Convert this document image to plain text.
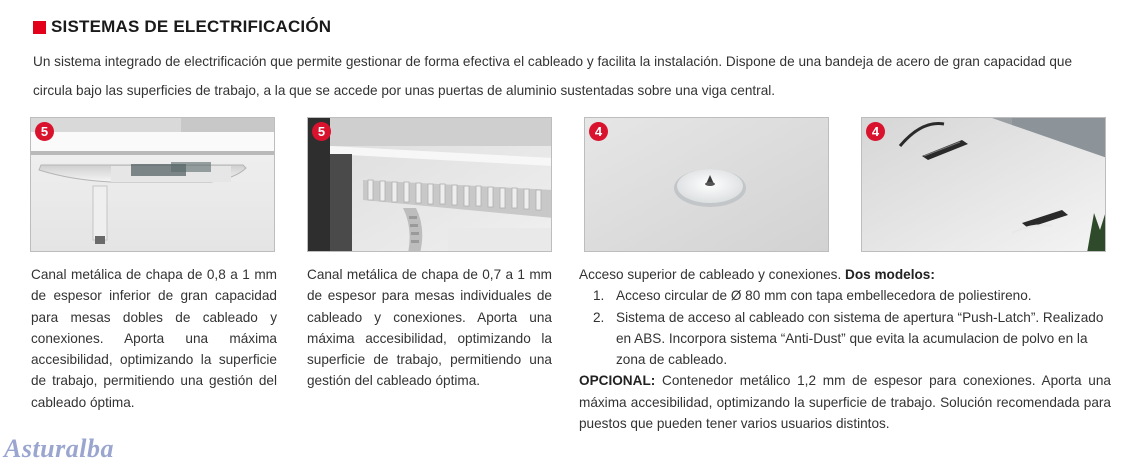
SISTEMAS DE ELECTRIFICACIÓN
Un sistema integrado de electrificación que permite gestionar de forma efectiva el cableado y facilita la instalación. Dispone de una bandeja de acero de gran capacidad que circula bajo las superficies de trabajo, a la que se accede por unas puertas de aluminio sustentadas sobre una viga central.
5	5	4	4

Canal metálica de chapa de 0,8 a 1 mm de espesor inferior de gran capacidad para mesas dobles de cableado y conexiones. Aporta una máxima accesibilidad, optimizando la superficie de trabajo, permitiendo una gestión del cableado óptima.

Canal metálica de chapa de 0,7 a 1 mm de espesor para mesas individuales de cableado y conexiones. Aporta una máxima accesibilidad, optimizando la superficie de trabajo, permitiendo una gestión del cableado óptima.

Acceso superior de cableado y conexiones. Dos modelos:

1. Acceso circular de Ø 80 mm con tapa embellecedora de poliestireno.
2. Sistema de acceso al cableado con sistema de apertura “Push-Latch”. Realizado en ABS. Incorpora sistema “Anti-Dust” que evita la acumulacion de polvo en la zona de cableado.

OPCIONAL: Contenedor metálico 1,2 mm de espesor para conexiones. Aporta una máxima accesibilidad, optimizando la superficie de trabajo. Solución recomendada para puestos que pueden tener varios usuarios distintos.

Asturalba
